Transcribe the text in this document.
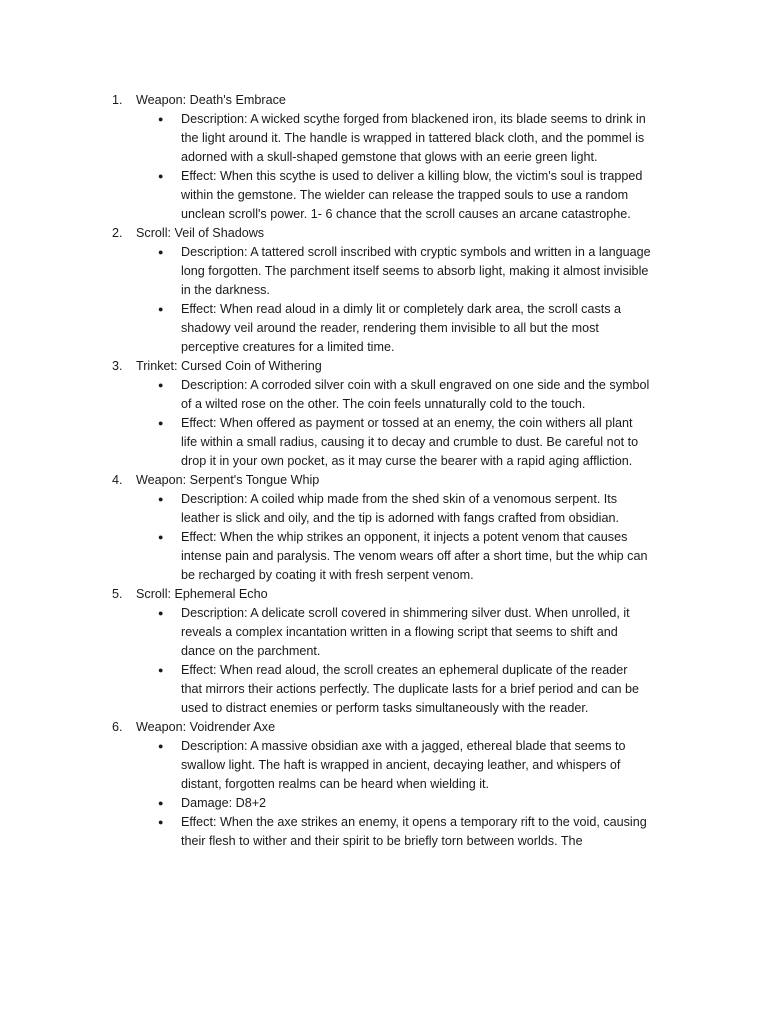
1.	Weapon: Death's Embrace
●	Description: A wicked scythe forged from blackened iron, its blade seems to drink in the light around it. The handle is wrapped in tattered black cloth, and the pommel is adorned with a skull-shaped gemstone that glows with an eerie green light.
●	Effect: When this scythe is used to deliver a killing blow, the victim's soul is trapped within the gemstone. The wielder can release the trapped souls to use a random unclean scroll's power. 1- 6 chance that the scroll causes an arcane catastrophe.
2.	Scroll: Veil of Shadows
●	Description: A tattered scroll inscribed with cryptic symbols and written in a language long forgotten. The parchment itself seems to absorb light, making it almost invisible in the darkness.
●	Effect: When read aloud in a dimly lit or completely dark area, the scroll casts a shadowy veil around the reader, rendering them invisible to all but the most perceptive creatures for a limited time.
3.	Trinket: Cursed Coin of Withering
●	Description: A corroded silver coin with a skull engraved on one side and the symbol of a wilted rose on the other. The coin feels unnaturally cold to the touch.
●	Effect: When offered as payment or tossed at an enemy, the coin withers all plant life within a small radius, causing it to decay and crumble to dust. Be careful not to drop it in your own pocket, as it may curse the bearer with a rapid aging affliction.
4.	Weapon: Serpent's Tongue Whip
●	Description: A coiled whip made from the shed skin of a venomous serpent. Its leather is slick and oily, and the tip is adorned with fangs crafted from obsidian.
●	Effect: When the whip strikes an opponent, it injects a potent venom that causes intense pain and paralysis. The venom wears off after a short time, but the whip can be recharged by coating it with fresh serpent venom.
5.	Scroll: Ephemeral Echo
●	Description: A delicate scroll covered in shimmering silver dust. When unrolled, it reveals a complex incantation written in a flowing script that seems to shift and dance on the parchment.
●	Effect: When read aloud, the scroll creates an ephemeral duplicate of the reader that mirrors their actions perfectly. The duplicate lasts for a brief period and can be used to distract enemies or perform tasks simultaneously with the reader.
6.	Weapon: Voidrender Axe
●	Description: A massive obsidian axe with a jagged, ethereal blade that seems to swallow light. The haft is wrapped in ancient, decaying leather, and whispers of distant, forgotten realms can be heard when wielding it.
●	Damage: D8+2
●	Effect: When the axe strikes an enemy, it opens a temporary rift to the void, causing their flesh to wither and their spirit to be briefly torn between worlds. The
